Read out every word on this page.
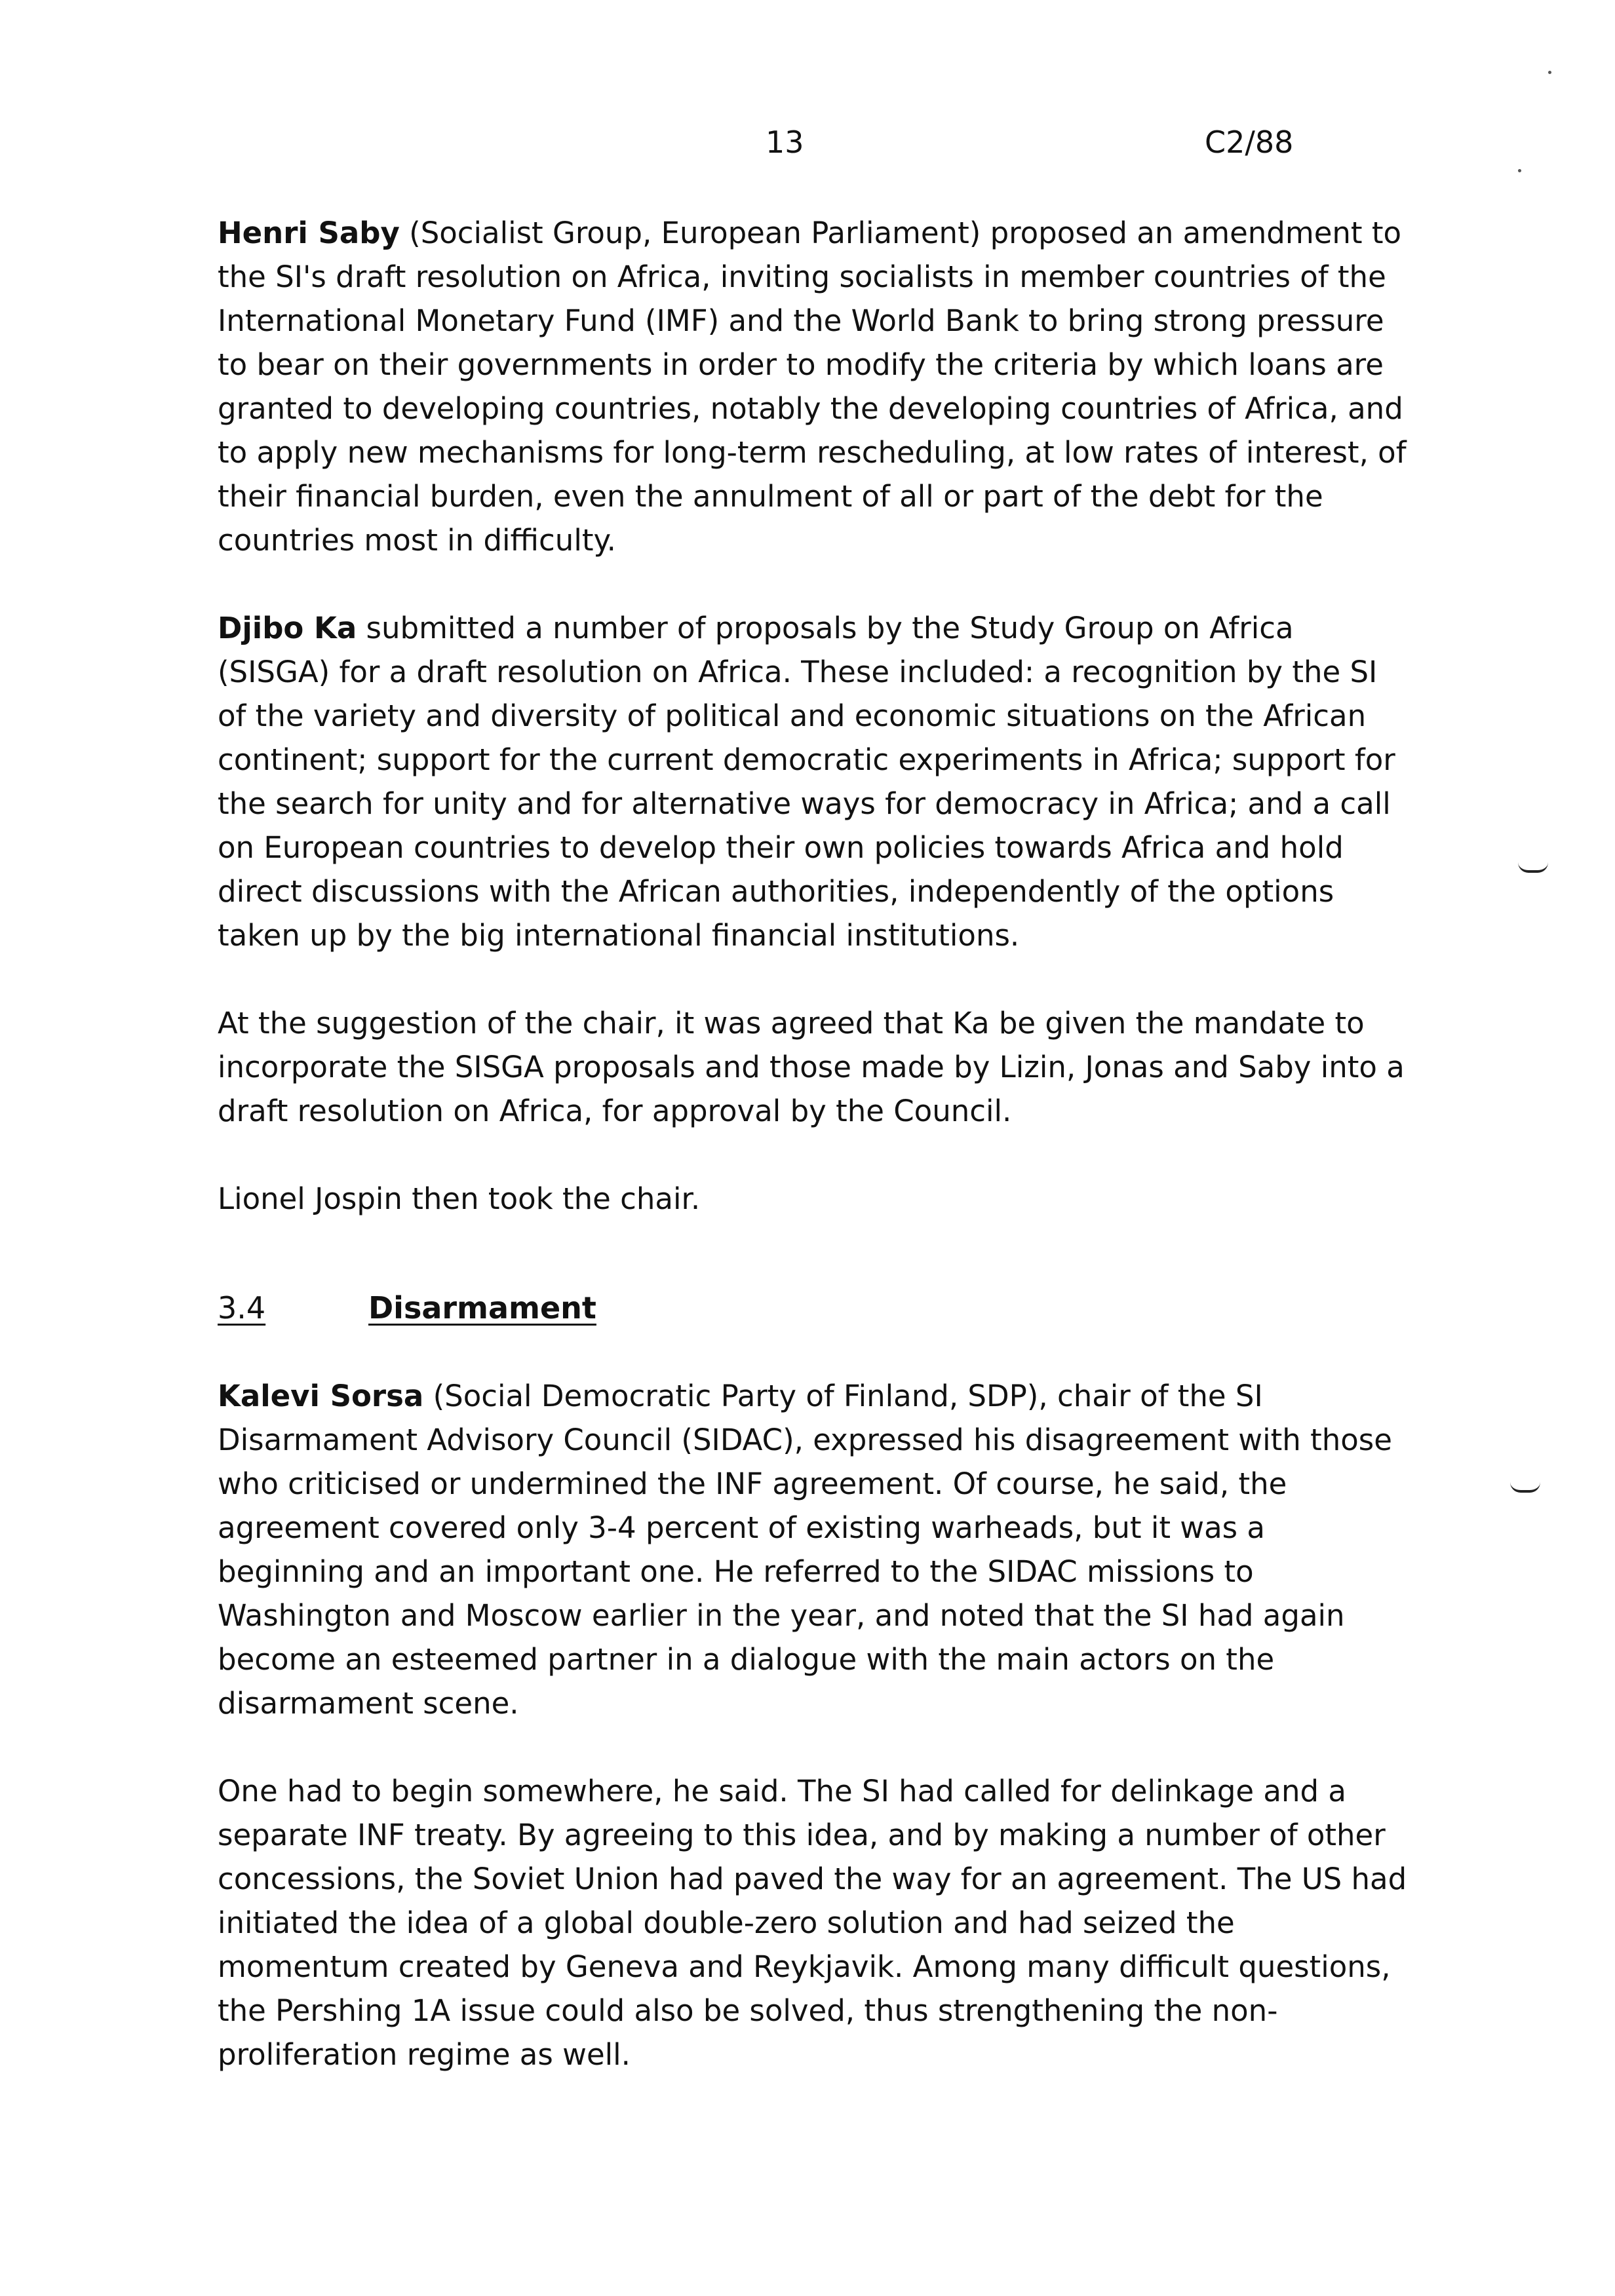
13	C2/88

Henri Saby (Socialist Group, European Parliament) proposed an amendment to the SI's draft resolution on Africa, inviting socialists in member countries of the International Monetary Fund (IMF) and the World Bank to bring strong pressure to bear on their governments in order to modify the criteria by which loans are granted to developing countries, notably the developing countries of Africa, and to apply new mechanisms for long-term rescheduling, at low rates of interest, of their financial burden, even the annulment of all or part of the debt for the countries most in difficulty.

Djibo Ka submitted a number of proposals by the Study Group on Africa (SISGA) for a draft resolution on Africa. These included: a recognition by the SI of the variety and diversity of political and economic situations on the African continent; support for the current democratic experiments in Africa; support for the search for unity and for alternative ways for democracy in Africa; and a call on European countries to develop their own policies towards Africa and hold direct discussions with the African authorities, independently of the options taken up by the big international financial institutions.

At the suggestion of the chair, it was agreed that Ka be given the mandate to incorporate the SISGA proposals and those made by Lizin, Jonas and Saby into a draft resolution on Africa, for approval by the Council.

Lionel Jospin then took the chair.

3.4	Disarmament

Kalevi Sorsa (Social Democratic Party of Finland, SDP), chair of the SI Disarmament Advisory Council (SIDAC), expressed his disagreement with those who criticised or undermined the INF agreement. Of course, he said, the agreement covered only 3-4 percent of existing warheads, but it was a beginning and an important one. He referred to the SIDAC missions to Washington and Moscow earlier in the year, and noted that the SI had again become an esteemed partner in a dialogue with the main actors on the disarmament scene.

One had to begin somewhere, he said. The SI had called for delinkage and a separate INF treaty. By agreeing to this idea, and by making a number of other concessions, the Soviet Union had paved the way for an agreement. The US had initiated the idea of a global double-zero solution and had seized the momentum created by Geneva and Reykjavik. Among many difficult questions, the Pershing 1A issue could also be solved, thus strengthening the non-proliferation regime as well.
